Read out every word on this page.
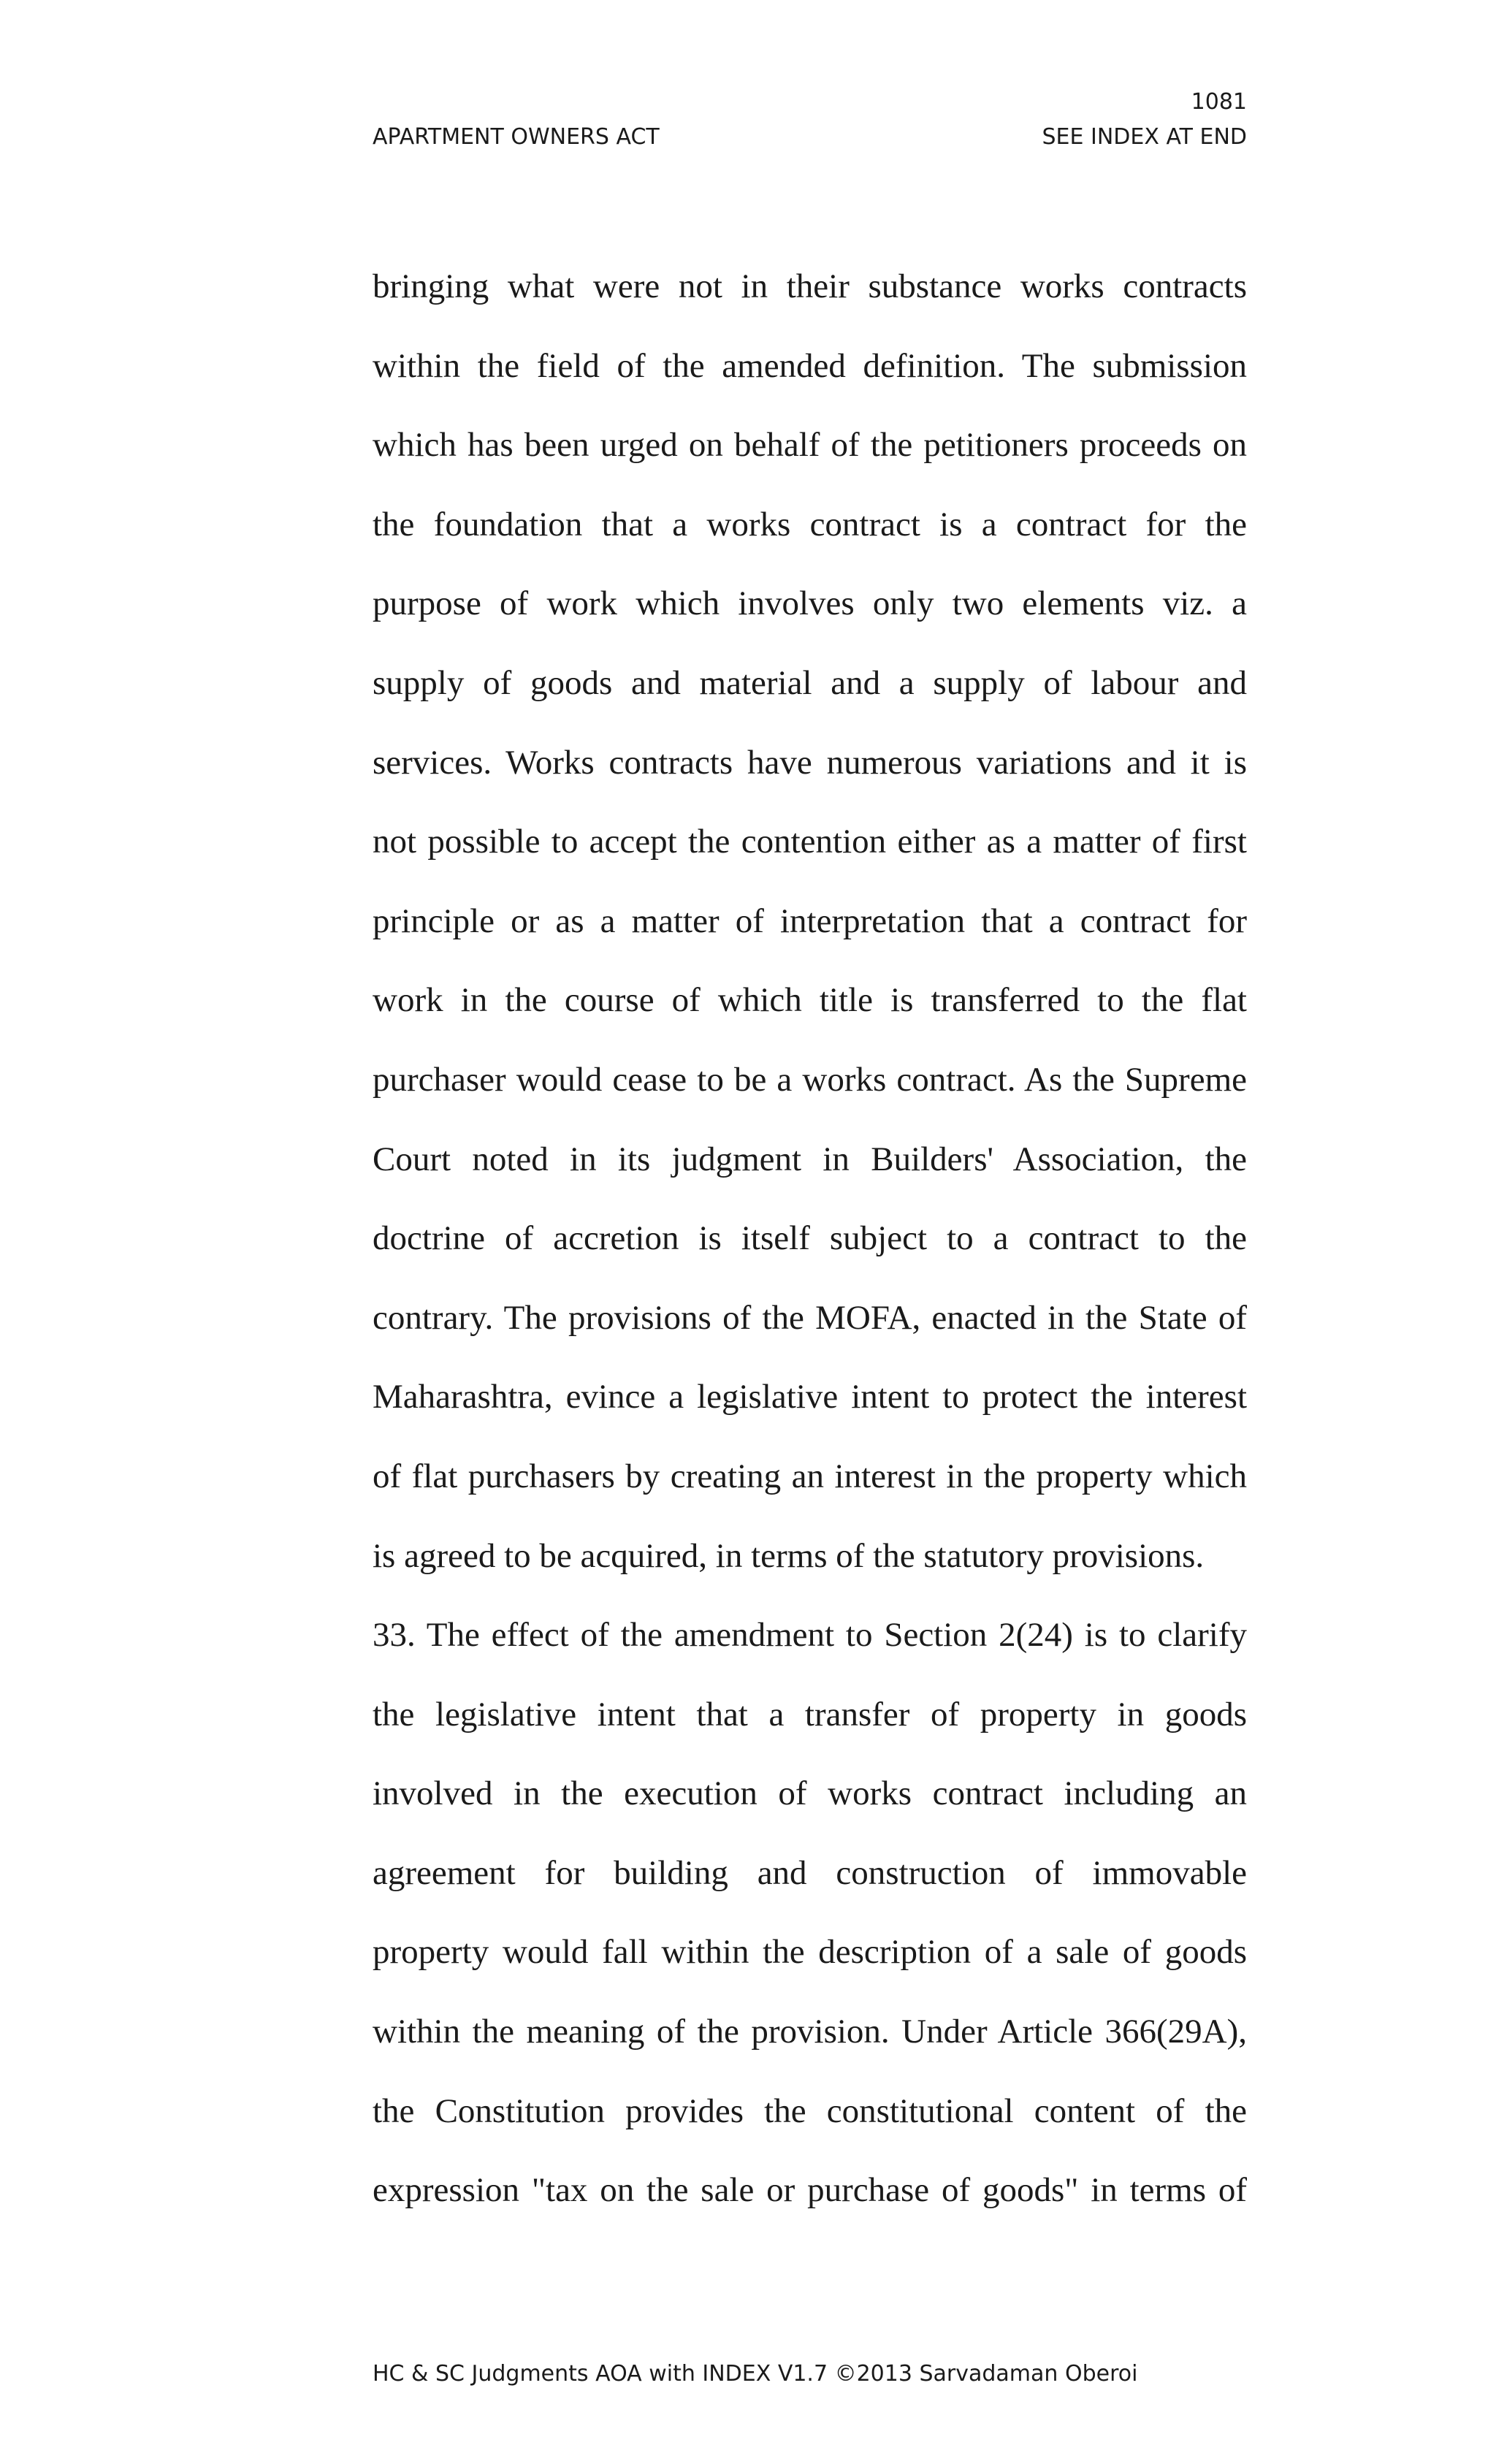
1081
APARTMENT OWNERS ACT	SEE INDEX AT END
bringing what were not in their substance works contracts
within the field of the amended definition. The submission
which has been urged on behalf of the petitioners proceeds on
the foundation that a works contract is a contract for the
purpose of work which involves only two elements viz. a
supply of goods and material and a supply of labour and
services. Works contracts have numerous variations and it is
not possible to accept the contention either as a matter of first
principle or as a matter of interpretation that a contract for
work in the course of which title is transferred to the flat
purchaser would cease to be a works contract. As the Supreme
Court noted in its judgment in Builders' Association, the
doctrine of accretion is itself subject to a contract to the
contrary. The provisions of the MOFA, enacted in the State of
Maharashtra, evince a legislative intent to protect the interest
of flat purchasers by creating an interest in the property which
is agreed to be acquired, in terms of the statutory provisions.
33. The effect of the amendment to Section 2(24) is to clarify
the legislative intent that a transfer of property in goods
involved in the execution of works contract including an
agreement for building and construction of immovable
property would fall within the description of a sale of goods
within the meaning of the provision. Under Article 366(29A),
the Constitution provides the constitutional content of the
expression "tax on the sale or purchase of goods" in terms of
HC & SC Judgments AOA with INDEX V1.7 ©2013 Sarvadaman Oberoi
